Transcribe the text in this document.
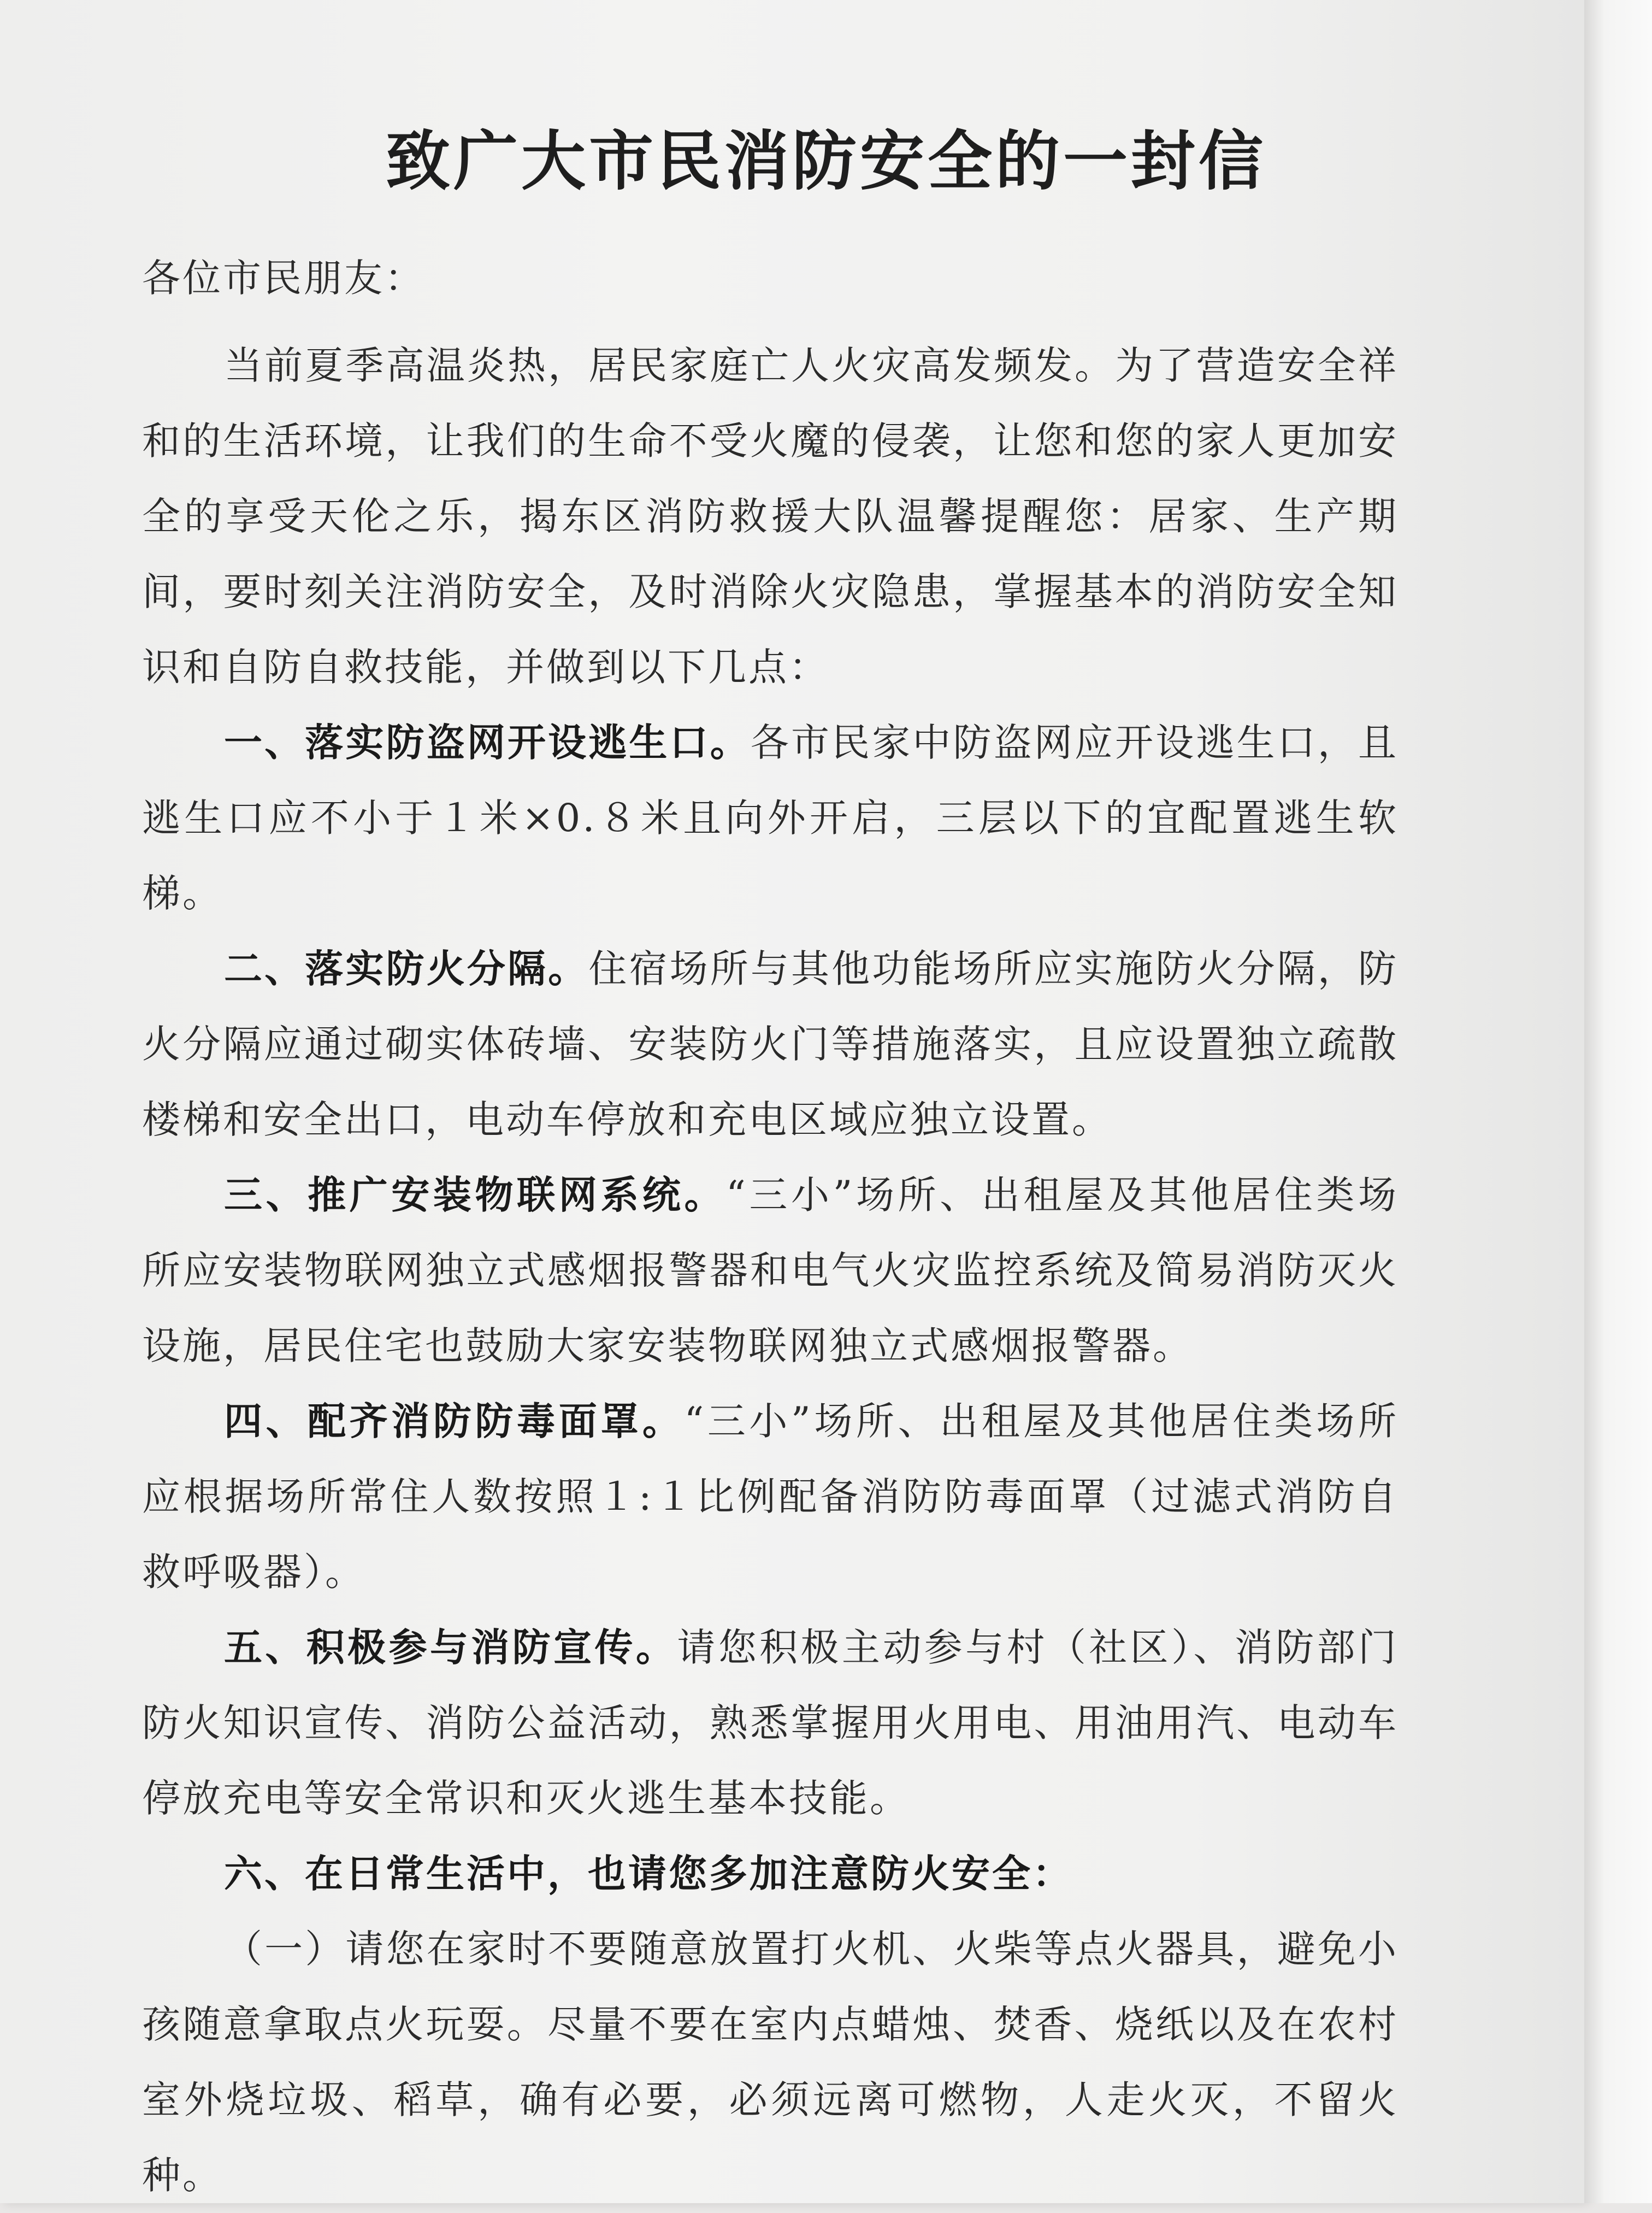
致广大市民消防安全的一封信

各位市民朋友：

当前夏季高温炎热，居民家庭亡人火灾高发频发。为了营造安全祥和的生活环境，让我们的生命不受火魔的侵袭，让您和您的家人更加安全的享受天伦之乐，揭东区消防救援大队温馨提醒您：居家、生产期间，要时刻关注消防安全，及时消除火灾隐患，掌握基本的消防安全知识和自防自救技能，并做到以下几点：

一、落实防盗网开设逃生口。各市民家中防盗网应开设逃生口，且逃生口应不小于１米×0.８米且向外开启，三层以下的宜配置逃生软梯。

二、落实防火分隔。住宿场所与其他功能场所应实施防火分隔，防火分隔应通过砌实体砖墙、安装防火门等措施落实，且应设置独立疏散楼梯和安全出口，电动车停放和充电区域应独立设置。

三、推广安装物联网系统。“三小”场所、出租屋及其他居住类场所应安装物联网独立式感烟报警器和电气火灾监控系统及简易消防灭火设施，居民住宅也鼓励大家安装物联网独立式感烟报警器。

四、配齐消防防毒面罩。“三小”场所、出租屋及其他居住类场所应根据场所常住人数按照１:１比例配备消防防毒面罩（过滤式消防自救呼吸器）。

五、积极参与消防宣传。请您积极主动参与村（社区）、消防部门防火知识宣传、消防公益活动，熟悉掌握用火用电、用油用汽、电动车停放充电等安全常识和灭火逃生基本技能。

六、在日常生活中，也请您多加注意防火安全：

（一）请您在家时不要随意放置打火机、火柴等点火器具，避免小孩随意拿取点火玩耍。尽量不要在室内点蜡烛、焚香、烧纸以及在农村室外烧垃圾、稻草，确有必要，必须远离可燃物，人走火灭，不留火种。
